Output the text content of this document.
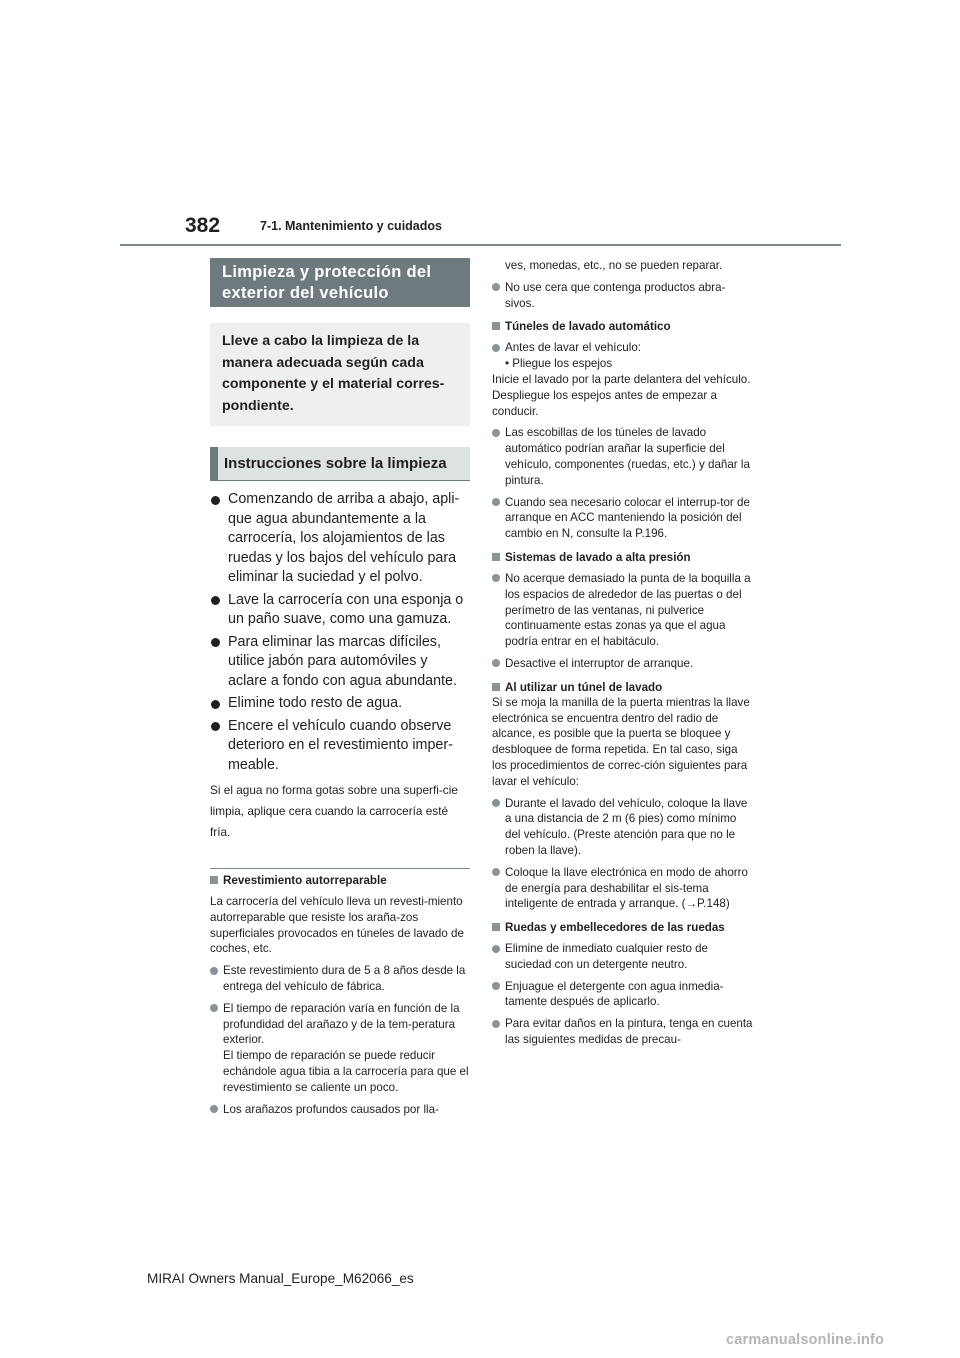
382	7-1. Mantenimiento y cuidados
Limpieza y protección del exterior del vehículo
Lleve a cabo la limpieza de la manera adecuada según cada componente y el material corres-pondiente.
Instrucciones sobre la limpieza
Comenzando de arriba a abajo, apli-que agua abundantemente a la carrocería, los alojamientos de las ruedas y los bajos del vehículo para eliminar la suciedad y el polvo.
Lave la carrocería con una esponja o un paño suave, como una gamuza.
Para eliminar las marcas difíciles, utilice jabón para automóviles y aclare a fondo con agua abundante.
Elimine todo resto de agua.
Encere el vehículo cuando observe deterioro en el revestimiento imper-meable.
Si el agua no forma gotas sobre una superfi-cie limpia, aplique cera cuando la carrocería esté fría.
Revestimiento autorreparable
La carrocería del vehículo lleva un revesti-miento autorreparable que resiste los araña-zos superficiales provocados en túneles de lavado de coches, etc.
Este revestimiento dura de 5 a 8 años desde la entrega del vehículo de fábrica.
El tiempo de reparación varía en función de la profundidad del arañazo y de la tem-peratura exterior.
El tiempo de reparación se puede reducir echándole agua tibia a la carrocería para que el revestimiento se caliente un poco.
Los arañazos profundos causados por lla-
ves, monedas, etc., no se pueden reparar.
No use cera que contenga productos abra-sivos.
Túneles de lavado automático
Antes de lavar el vehículo:
• Pliegue los espejos
Inicie el lavado por la parte delantera del vehículo. Despliegue los espejos antes de empezar a conducir.
Las escobillas de los túneles de lavado automático podrían arañar la superficie del vehículo, componentes (ruedas, etc.) y dañar la pintura.
Cuando sea necesario colocar el interrup-tor de arranque en ACC manteniendo la posición del cambio en N, consulte la P.196.
Sistemas de lavado a alta presión
No acerque demasiado la punta de la boquilla a los espacios de alrededor de las puertas o del perímetro de las ventanas, ni pulverice continuamente estas zonas ya que el agua podría entrar en el habitáculo.
Desactive el interruptor de arranque.
Al utilizar un túnel de lavado
Si se moja la manilla de la puerta mientras la llave electrónica se encuentra dentro del radio de alcance, es posible que la puerta se bloquee y desbloquee de forma repetida. En tal caso, siga los procedimientos de correc-ción siguientes para lavar el vehículo:
Durante el lavado del vehículo, coloque la llave a una distancia de 2 m (6 pies) como mínimo del vehículo. (Preste atención para que no le roben la llave).
Coloque la llave electrónica en modo de ahorro de energía para deshabilitar el sis-tema inteligente de entrada y arranque. (→P.148)
Ruedas y embellecedores de las ruedas
Elimine de inmediato cualquier resto de suciedad con un detergente neutro.
Enjuague el detergente con agua inmedia-tamente después de aplicarlo.
Para evitar daños en la pintura, tenga en cuenta las siguientes medidas de precau-
MIRAI Owners Manual_Europe_M62066_es
carmanualsonline.info
